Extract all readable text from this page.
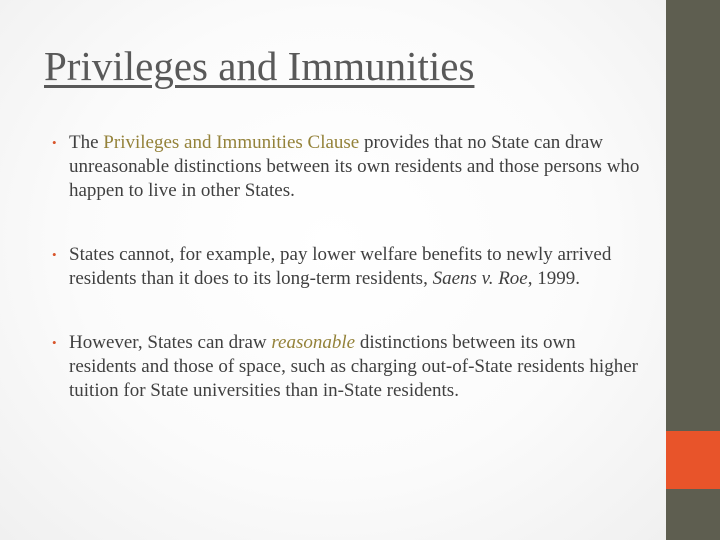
Privileges and Immunities
• The Privileges and Immunities Clause provides that no State can draw unreasonable distinctions between its own residents and those persons who happen to live in other States.
• States cannot, for example, pay lower welfare benefits to newly arrived residents than it does to its long-term residents, Saens v. Roe, 1999.
• However, States can draw reasonable distinctions between its own residents and those of space, such as charging out-of-State residents higher tuition for State universities than in-State residents.
